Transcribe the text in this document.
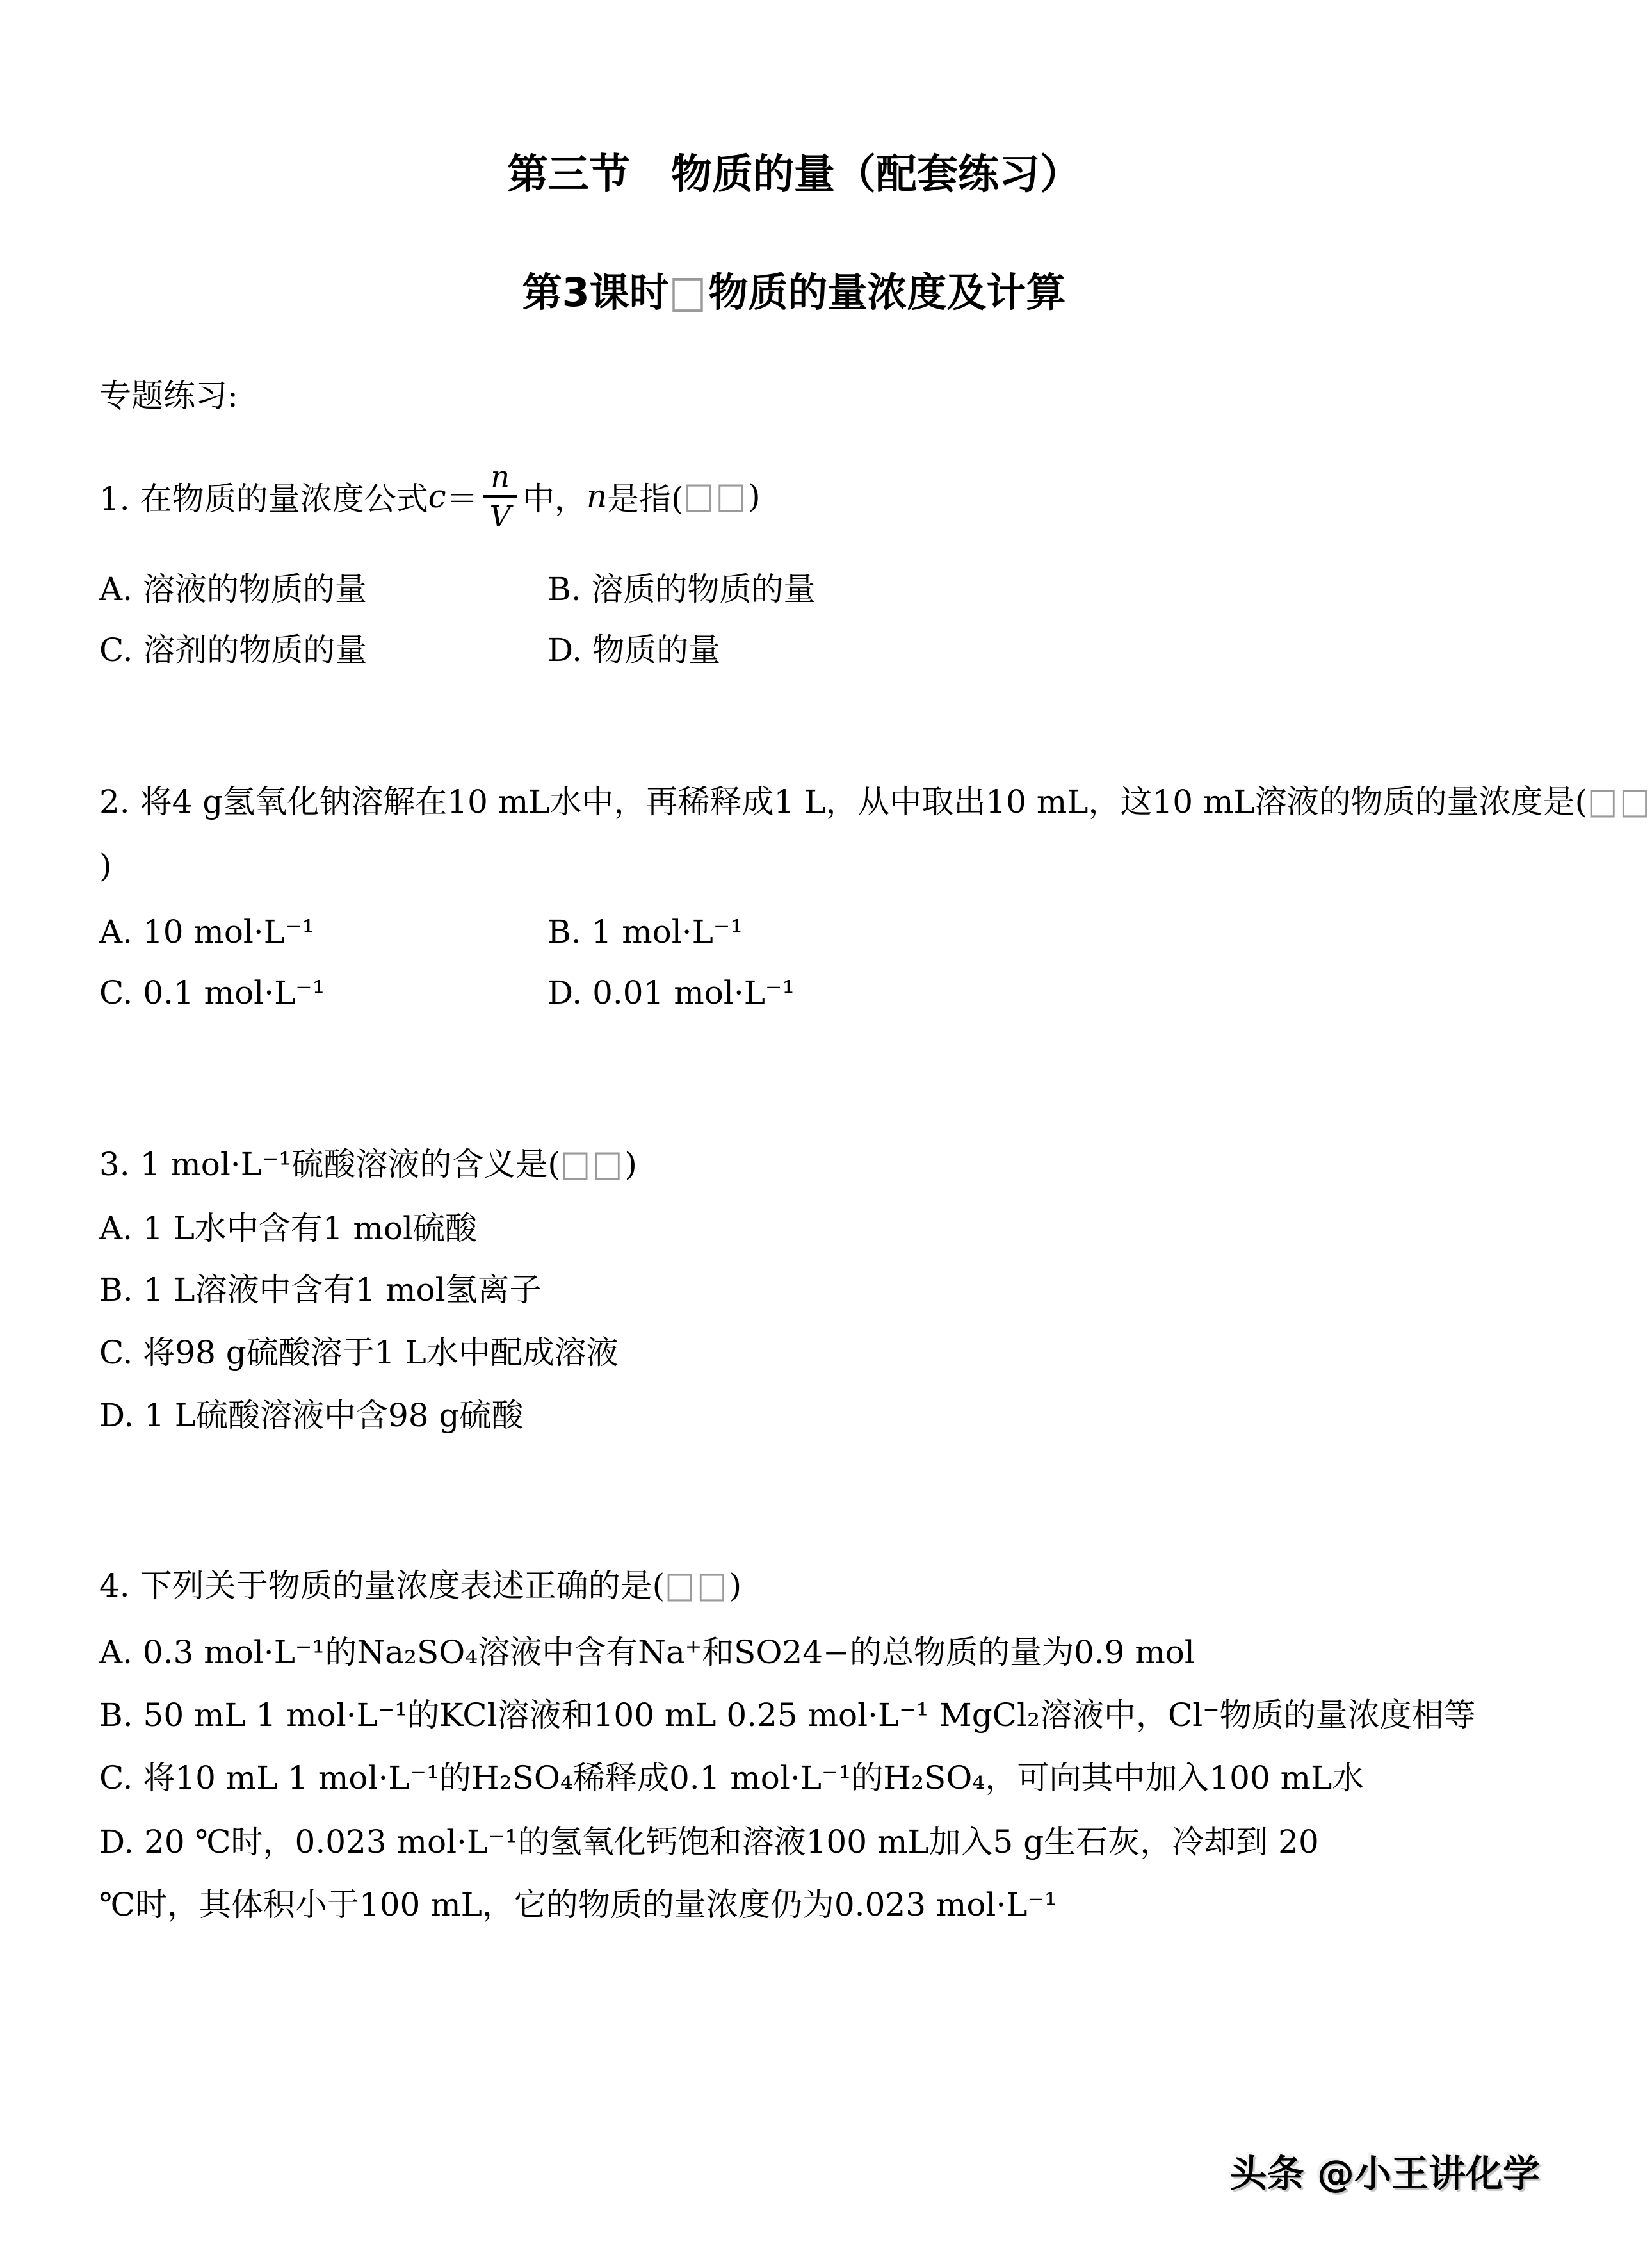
第三节　物质的量（配套练习）
第3课时□物质的量浓度及计算
专题练习:
1. 在物质的量浓度公式 $c = \frac{n}{V}$ 中， n 是指( □□ )
A. 溶液的物质的量	B. 溶质的物质的量
C. 溶剂的物质的量	D. 物质的量
2. 将4 g氢氧化钠溶解在10 mL水中，再稀释成1 L，从中取出10 mL，这10 mL溶液的物质的量浓度是(□□
)
A. 10 mol·L⁻¹	B. 1 mol·L⁻¹
C. 0.1 mol·L⁻¹	D. 0.01 mol·L⁻¹
3. 1 mol·L⁻¹硫酸溶液的含义是(□□)
A. 1 L水中含有1 mol硫酸
B. 1 L溶液中含有1 mol氢离子
C. 将98 g硫酸溶于1 L水中配成溶液
D. 1 L硫酸溶液中含98 g硫酸
4. 下列关于物质的量浓度表述正确的是(□□)
A. 0.3 mol·L⁻¹的Na₂SO₄溶液中含有Na⁺和SO24−的总物质的量为0.9 mol
B. 50 mL 1 mol·L⁻¹的KCl溶液和100 mL 0.25 mol·L⁻¹ MgCl₂溶液中，Cl⁻物质的量浓度相等
C. 将10 mL 1 mol·L⁻¹的H₂SO₄稀释成0.1 mol·L⁻¹的H₂SO₄，可向其中加入100 mL水
D. 20 ℃时，0.023 mol·L⁻¹的氢氧化钙饱和溶液100 mL加入5 g生石灰，冷却到 20
℃时，其体积小于100 mL，它的物质的量浓度仍为0.023 mol·L⁻¹
头条 @小王讲化学
